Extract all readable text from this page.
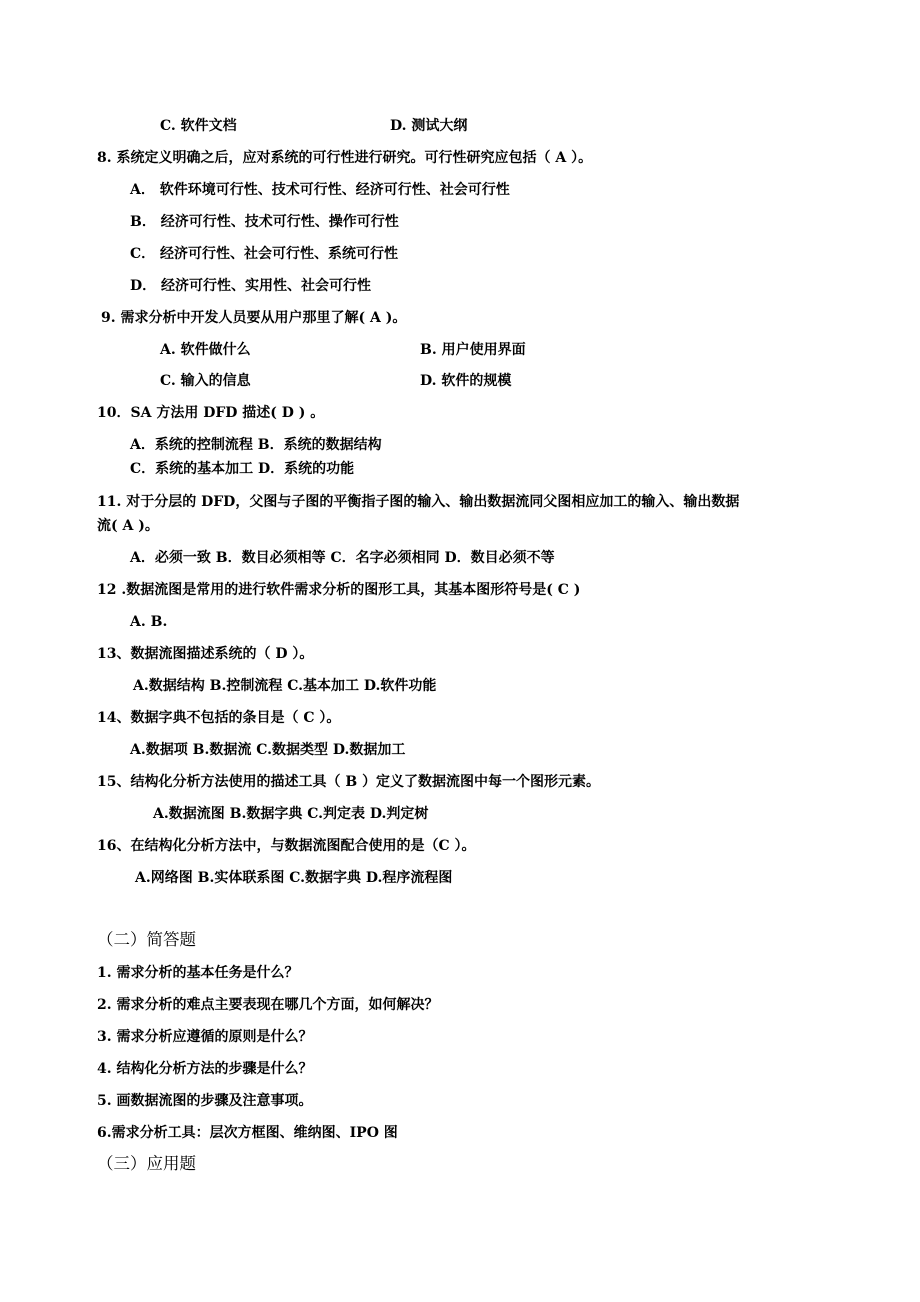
C. 软件文档	D. 测试大纲
8. 系统定义明确之后，应对系统的可行性进行研究。可行性研究应包括（ A ）。
A． 软件环境可行性、技术可行性、经济可行性、社会可行性
B． 经济可行性、技术可行性、操作可行性
C． 经济可行性、社会可行性、系统可行性
D． 经济可行性、实用性、社会可行性
9. 需求分析中开发人员要从用户那里了解( A )。
A. 软件做什么	B. 用户使用界面
C. 输入的信息	D. 软件的规模
10．SA 方法用 DFD 描述( D ) 。
A．系统的控制流程 B．系统的数据结构
C．系统的基本加工 D．系统的功能
11. 对于分层的 DFD，父图与子图的平衡指子图的输入、输出数据流同父图相应加工的输入、输出数据
流( A )。
A．必须一致 B．数目必须相等 C．名字必须相同 D．数目必须不等
12 .数据流图是常用的进行软件需求分析的图形工具，其基本图形符号是( C )
A. B.
13、数据流图描述系统的（ D ）。
A.数据结构 B.控制流程 C.基本加工 D.软件功能
14、数据字典不包括的条目是（ C ）。
A.数据项 B.数据流 C.数据类型 D.数据加工
15、结构化分析方法使用的描述工具（ B ）定义了数据流图中每一个图形元素。
A.数据流图 B.数据字典 C.判定表 D.判定树
16、在结构化分析方法中，与数据流图配合使用的是（C ）。
A.网络图 B.实体联系图 C.数据字典 D.程序流程图
（二）简答题
1. 需求分析的基本任务是什么？
2. 需求分析的难点主要表现在哪几个方面，如何解决？
3. 需求分析应遵循的原则是什么？
4. 结构化分析方法的步骤是什么？
5. 画数据流图的步骤及注意事项。
6.需求分析工具：层次方框图、维纳图、IPO 图
（三）应用题
